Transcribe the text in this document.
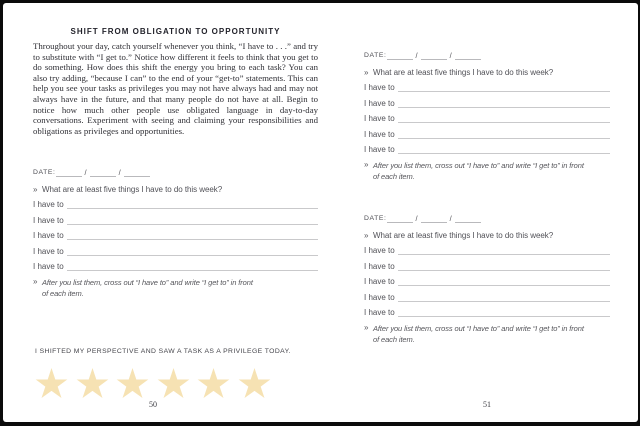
SHIFT FROM OBLIGATION TO OPPORTUNITY
Throughout your day, catch yourself whenever you think, “I have to . . .” and try to substitute with “I get to.” Notice how different it feels to think that you get to do something. How does this shift the energy you bring to each task? You can also try adding, “because I can” to the end of your “get-to” statements. This can help you see your tasks as privileges you may not have always had and may not always have in the future, and that many people do not have at all. Begin to notice how much other people use obligated language in day-to-day conversations. Experiment with seeing and claiming your responsibilities and obligations as privileges and opportunities.
DATE:	/	/
» What are at least five things I have to do this week?
I have to
I have to
I have to
I have to
I have to
» After you list them, cross out “I have to” and write “I get to” in front
of each item.
I SHIFTED MY PERSPECTIVE AND SAW A TASK AS A PRIVILEGE TODAY.
50
DATE:	/	/
» What are at least five things I have to do this week?
I have to
I have to
I have to
I have to
I have to
» After you list them, cross out “I have to” and write “I get to” in front
of each item.
DATE:	/	/
» What are at least five things I have to do this week?
I have to
I have to
I have to
I have to
I have to
» After you list them, cross out “I have to” and write “I get to” in front
of each item.
51
